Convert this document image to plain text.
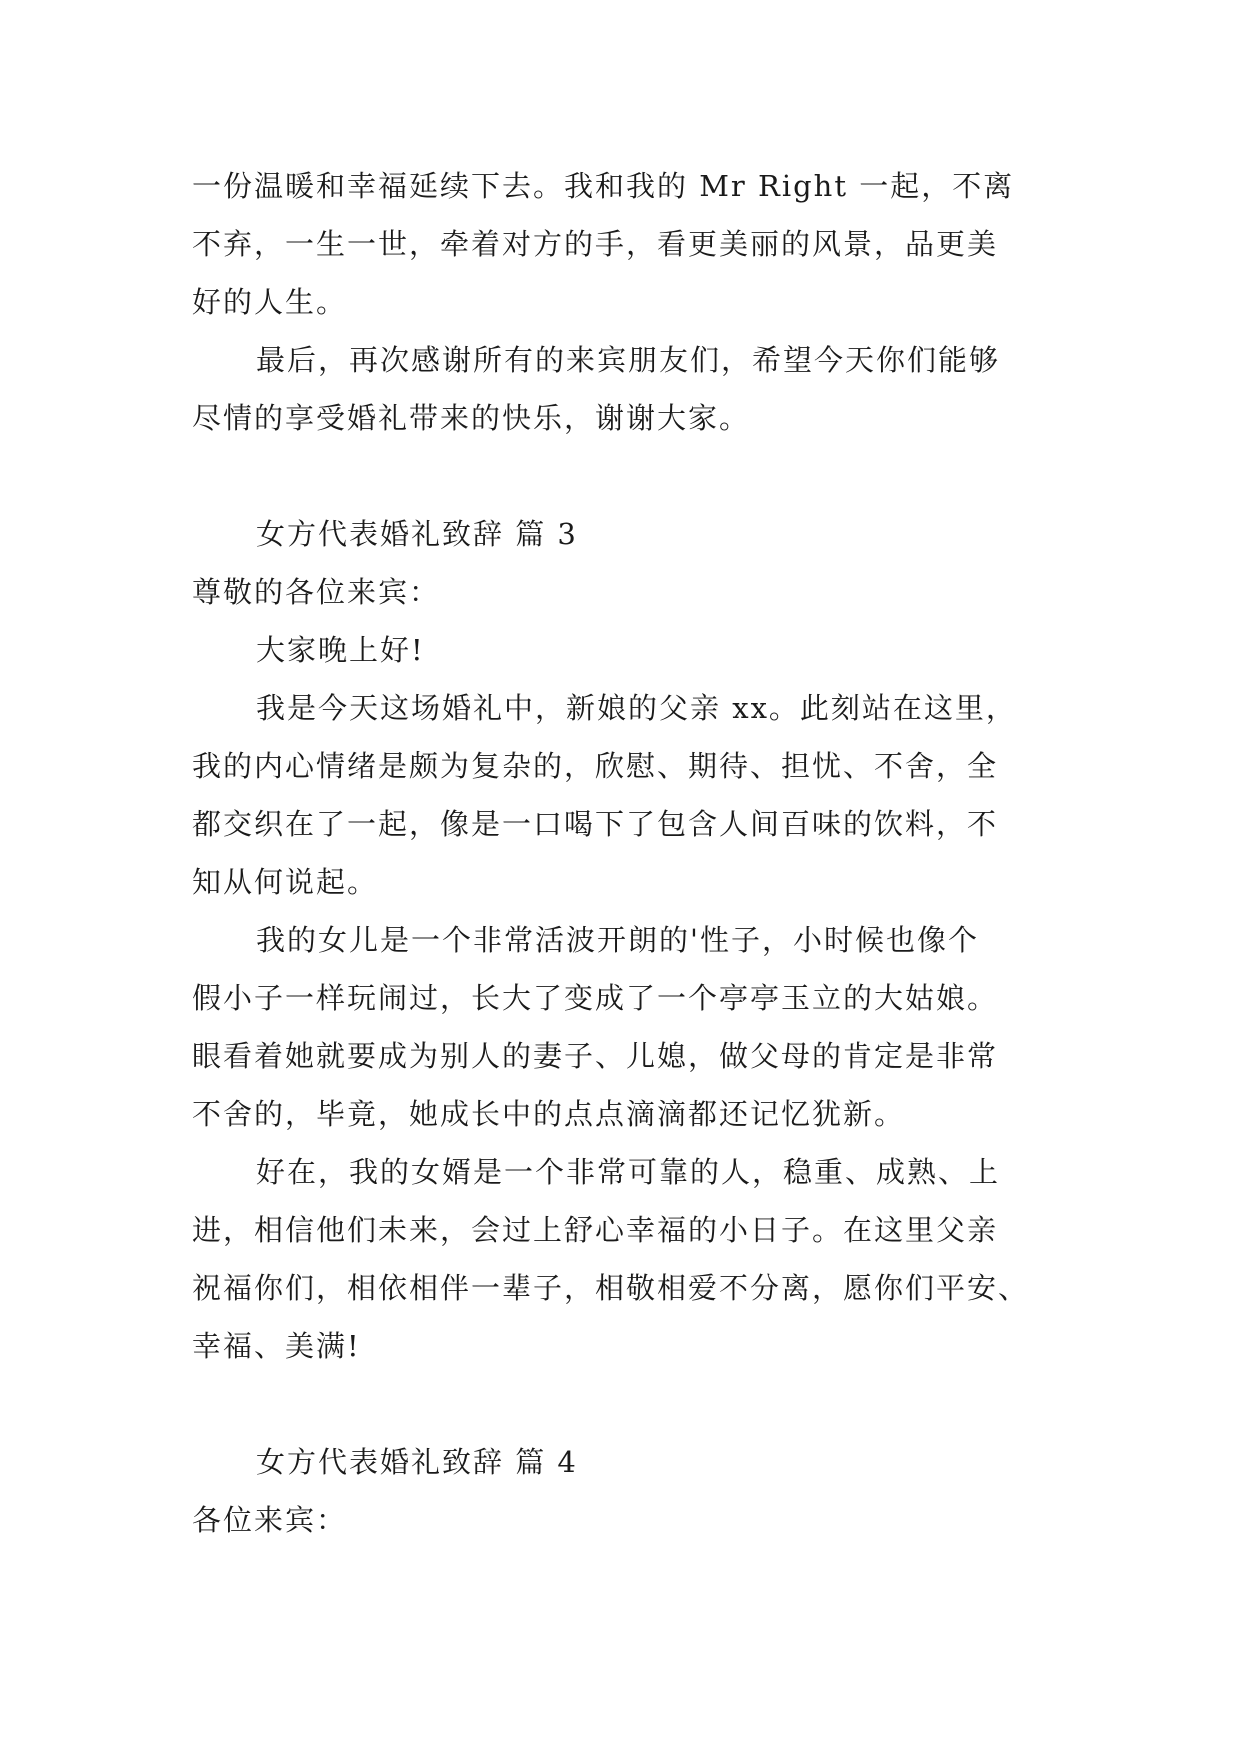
一份温暖和幸福延续下去。我和我的 Mr Right 一起，不离
不弃，一生一世，牵着对方的手，看更美丽的风景，品更美
好的人生。
最后，再次感谢所有的来宾朋友们，希望今天你们能够
尽情的享受婚礼带来的快乐，谢谢大家。
女方代表婚礼致辞 篇 3
尊敬的各位来宾：
大家晚上好!
我是今天这场婚礼中，新娘的父亲 xx。此刻站在这里，
我的内心情绪是颇为复杂的，欣慰、期待、担忧、不舍，全
都交织在了一起，像是一口喝下了包含人间百味的饮料，不
知从何说起。
我的女儿是一个非常活波开朗的'性子，小时候也像个
假小子一样玩闹过，长大了变成了一个亭亭玉立的大姑娘。
眼看着她就要成为别人的妻子、儿媳，做父母的肯定是非常
不舍的，毕竟，她成长中的点点滴滴都还记忆犹新。
好在，我的女婿是一个非常可靠的人，稳重、成熟、上
进，相信他们未来，会过上舒心幸福的小日子。在这里父亲
祝福你们，相依相伴一辈子，相敬相爱不分离，愿你们平安、
幸福、美满!
女方代表婚礼致辞 篇 4
各位来宾：
